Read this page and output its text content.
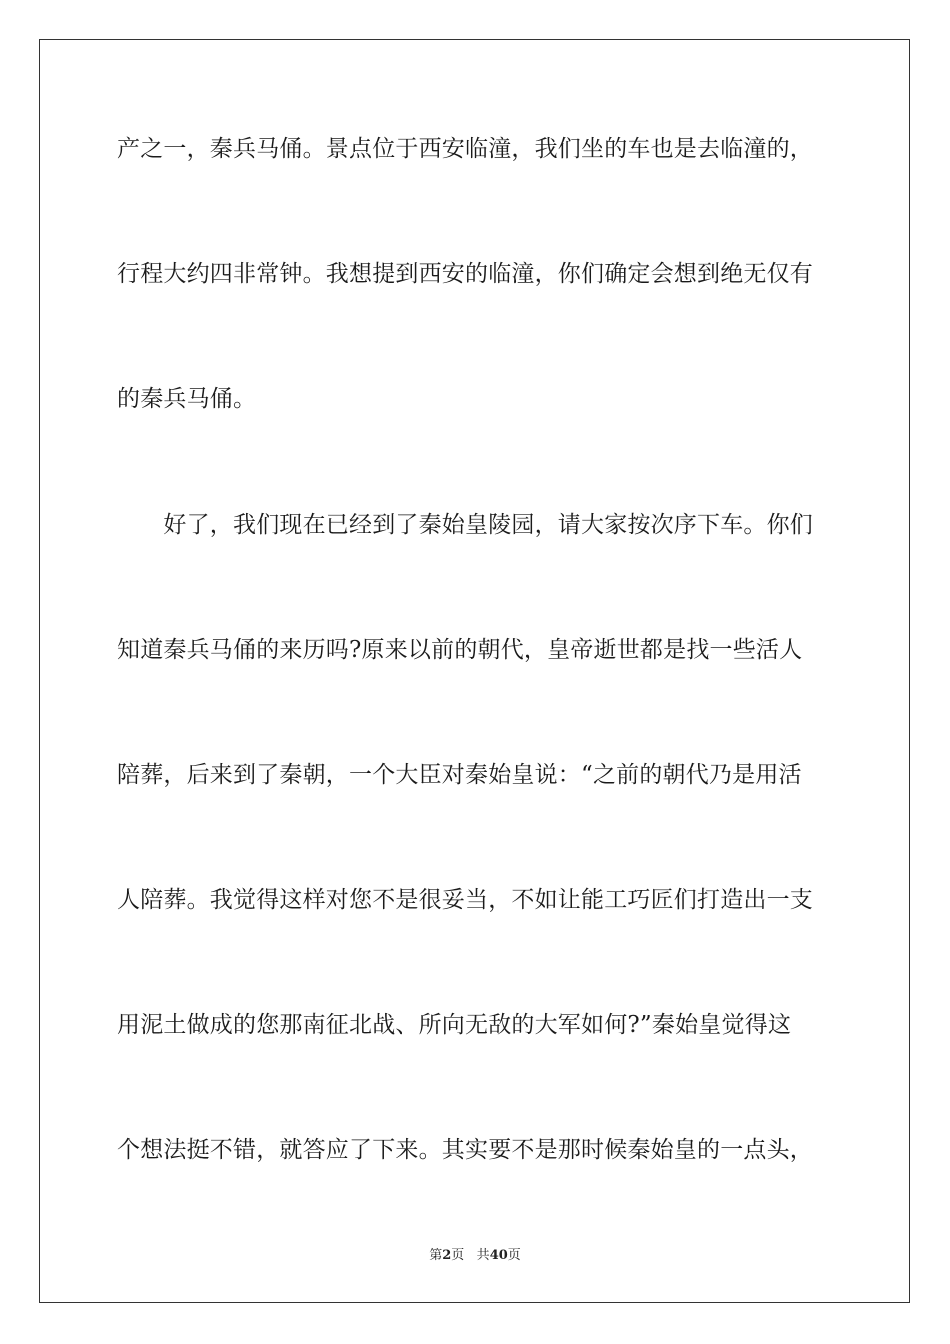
产之一，秦兵马俑。景点位于西安临潼，我们坐的车也是去临潼的，
行程大约四非常钟。我想提到西安的临潼，你们确定会想到绝无仅有
的秦兵马俑。
　　好了，我们现在已经到了秦始皇陵园，请大家按次序下车。你们
知道秦兵马俑的来历吗?原来以前的朝代，皇帝逝世都是找一些活人
陪葬，后来到了秦朝，一个大臣对秦始皇说：“之前的朝代乃是用活
人陪葬。我觉得这样对您不是很妥当，不如让能工巧匠们打造出一支
用泥土做成的您那南征北战、所向无敌的大军如何?”秦始皇觉得这
个想法挺不错，就答应了下来。其实要不是那时候秦始皇的一点头，
第2页 共40页
